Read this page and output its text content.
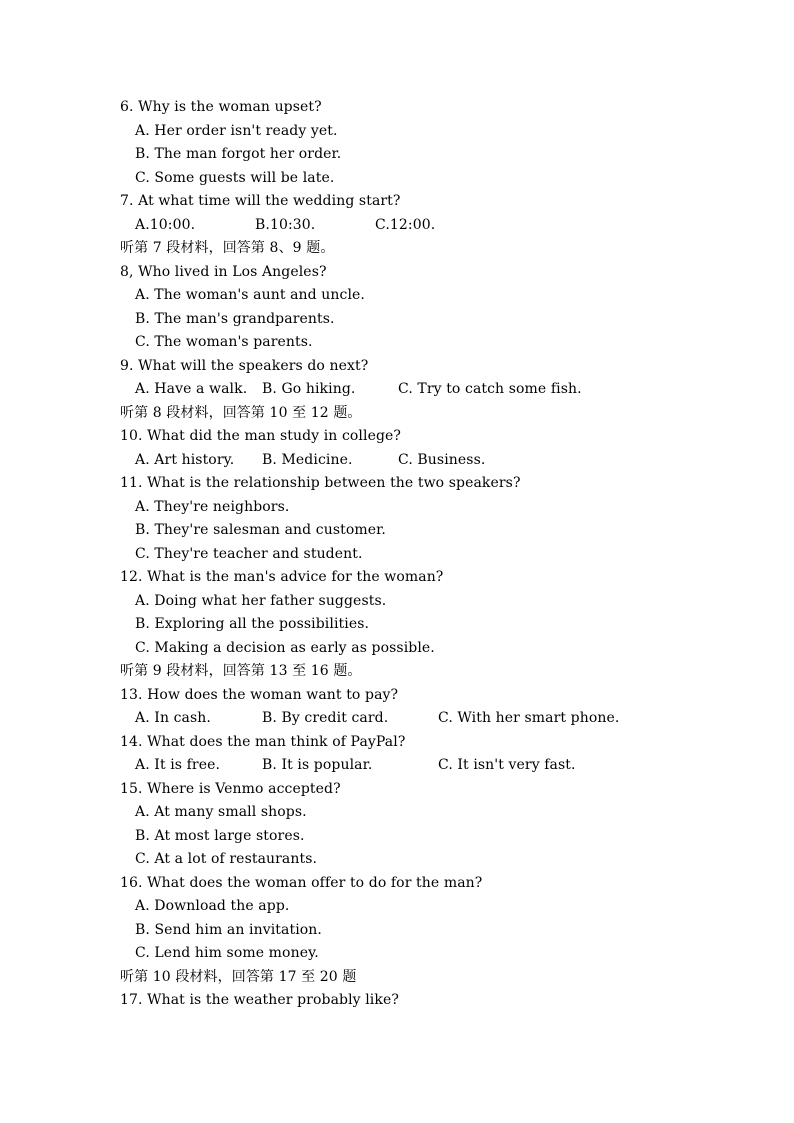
6. Why is the woman upset?
A. Her order isn't ready yet.
B. The man forgot her order.
C. Some guests will be late.
7. At what time will the wedding start?
A.10:00.	B.10:30.	C.12:00.
听第 7 段材料，回答第 8、9 题。
8, Who lived in Los Angeles?
A. The woman's aunt and uncle.
B. The man's grandparents.
C. The woman's parents.
9. What will the speakers do next?
A. Have a walk.	B. Go hiking.	C. Try to catch some fish.
听第 8 段材料，回答第 10 至 12 题。
10. What did the man study in college?
A. Art history.	B. Medicine.	C. Business.
11. What is the relationship between the two speakers?
A. They're neighbors.
B. They're salesman and customer.
C. They're teacher and student.
12. What is the man's advice for the woman?
A. Doing what her father suggests.
B. Exploring all the possibilities.
C. Making a decision as early as possible.
听第 9 段材料，回答第 13 至 16 题。
13. How does the woman want to pay?
A. In cash.	B. By credit card.	C. With her smart phone.
14. What does the man think of PayPal?
A. It is free.	B. It is popular.	C. It isn't very fast.
15. Where is Venmo accepted?
A. At many small shops.
B. At most large stores.
C. At a lot of restaurants.
16. What does the woman offer to do for the man?
A. Download the app.
B. Send him an invitation.
C. Lend him some money.
听第 10 段材料，回答第 17 至 20 题
17. What is the weather probably like?
